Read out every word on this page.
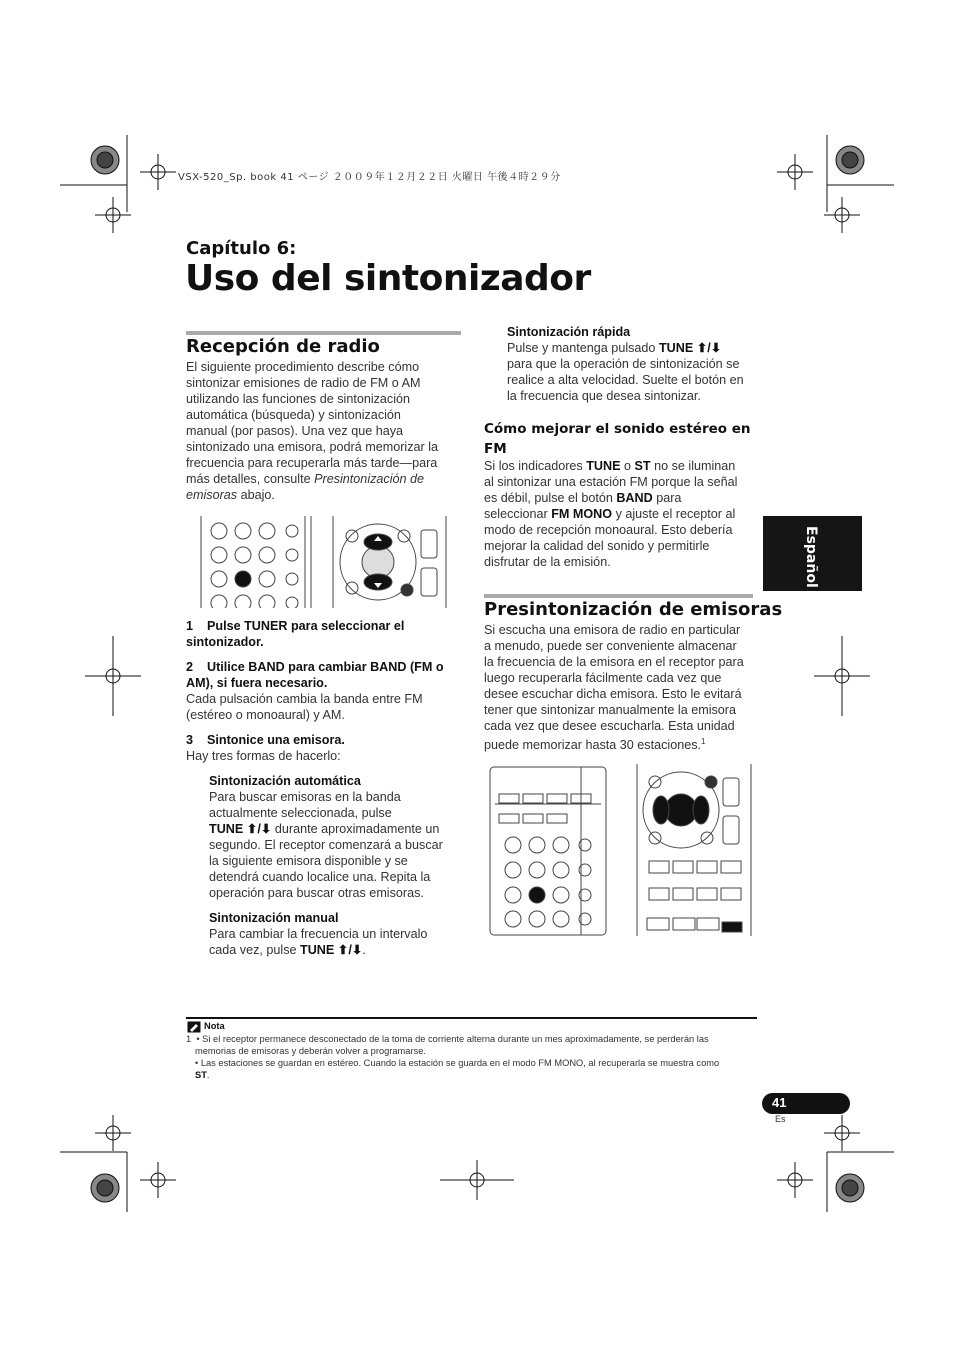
VSX-520_Sp. book 41 ページ ２００９年１２月２２日 火曜日 午後４時２９分
Capítulo 6:
Uso del sintonizador
Español
Recepción de radio
El siguiente procedimiento describe cómo
sintonizar emisiones de radio de FM o AM
utilizando las funciones de sintonización
automática (búsqueda) y sintonización
manual (por pasos). Una vez que haya
sintonizado una emisora, podrá memorizar la
frecuencia para recuperarla más tarde—para
más detalles, consulte Presintonización de
emisoras abajo.
1 Pulse TUNER para seleccionar el
sintonizador.
2 Utilice BAND para cambiar BAND (FM o
AM), si fuera necesario.
Cada pulsación cambia la banda entre FM
(estéreo o monoaural) y AM.
3 Sintonice una emisora.
Hay tres formas de hacerlo:
Sintonización automática
Para buscar emisoras en la banda
actualmente seleccionada, pulse
TUNE ⬆/⬇ durante aproximadamente un
segundo. El receptor comenzará a buscar
la siguiente emisora disponible y se
detendrá cuando localice una. Repita la
operación para buscar otras emisoras.
Sintonización manual
Para cambiar la frecuencia un intervalo
cada vez, pulse TUNE ⬆/⬇.
Sintonización rápida
Pulse y mantenga pulsado TUNE ⬆/⬇
para que la operación de sintonización se
realice a alta velocidad. Suelte el botón en
la frecuencia que desea sintonizar.
Cómo mejorar el sonido estéreo en
FM
Si los indicadores TUNE o ST no se iluminan
al sintonizar una estación FM porque la señal
es débil, pulse el botón BAND para
seleccionar FM MONO y ajuste el receptor al
modo de recepción monoaural. Esto debería
mejorar la calidad del sonido y permitirle
disfrutar de la emisión.
Presintonización de emisoras
Si escucha una emisora de radio en particular
a menudo, puede ser conveniente almacenar
la frecuencia de la emisora en el receptor para
luego recuperarla fácilmente cada vez que
desee escuchar dicha emisora. Esto le evitará
tener que sintonizar manualmente la emisora
cada vez que desee escucharla. Esta unidad
puede memorizar hasta 30 estaciones.$^1$
Nota
1 • Si el receptor permanece desconectado de la toma de corriente alterna durante un mes aproximadamente, se perderán las
memorias de emisoras y deberán volver a programarse.
• Las estaciones se guardan en estéreo. Cuando la estación se guarda en el modo FM MONO, al recuperarla se muestra como
ST.
41
Es
